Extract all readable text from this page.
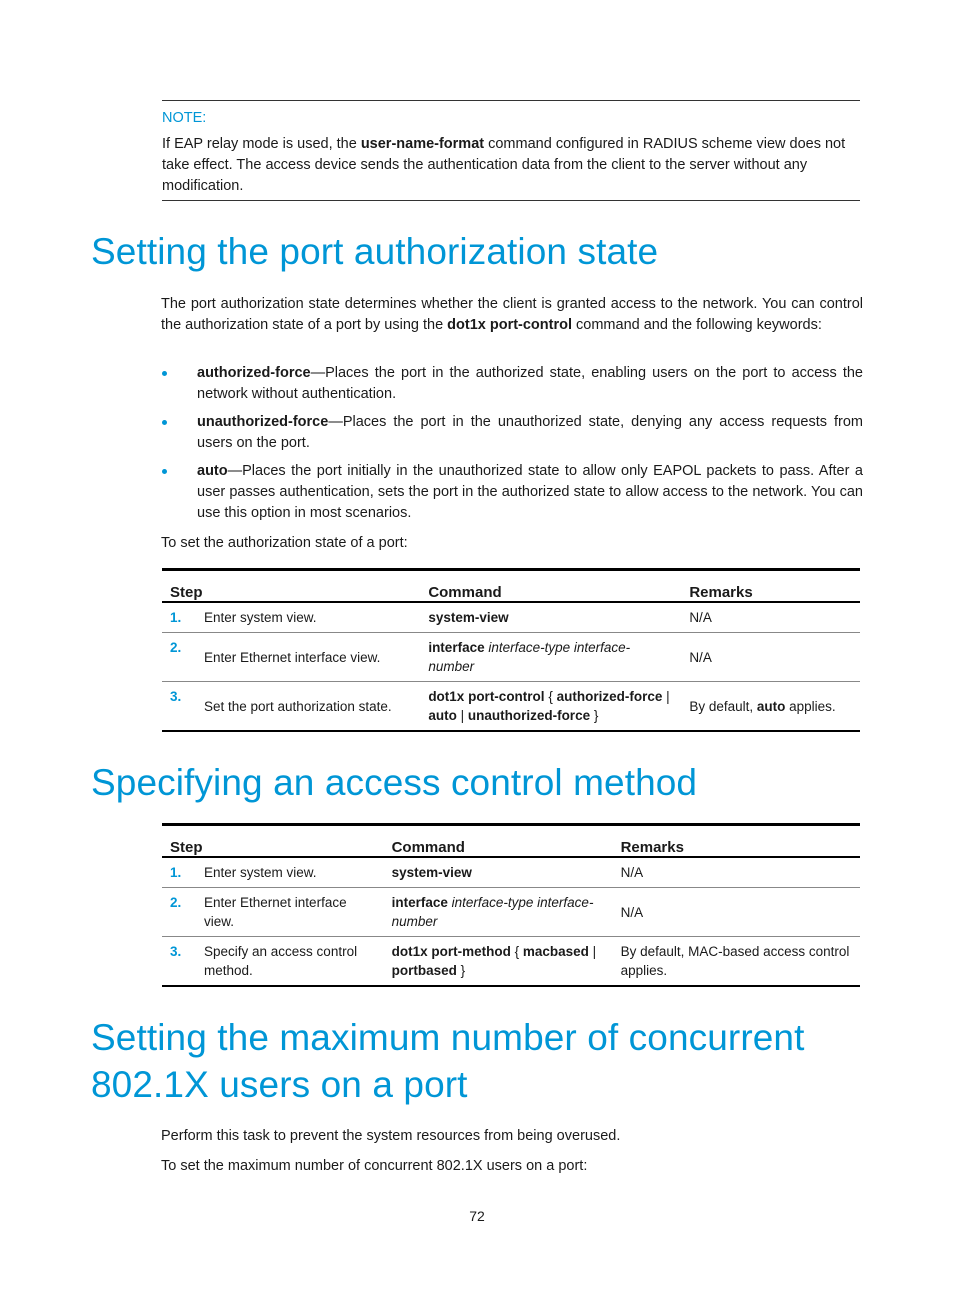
NOTE:
If EAP relay mode is used, the user-name-format command configured in RADIUS scheme view does not take effect. The access device sends the authentication data from the client to the server without any modification.
Setting the port authorization state
The port authorization state determines whether the client is granted access to the network. You can control the authorization state of a port by using the dot1x port-control command and the following keywords:
authorized-force—Places the port in the authorized state, enabling users on the port to access the network without authentication.
unauthorized-force—Places the port in the unauthorized state, denying any access requests from users on the port.
auto—Places the port initially in the unauthorized state to allow only EAPOL packets to pass. After a user passes authentication, sets the port in the authorized state to allow access to the network. You can use this option in most scenarios.
To set the authorization state of a port:
Step		Command	Remarks
1.	Enter system view.	system-view	N/A
2.	Enter Ethernet interface view.	interface interface-type interface-number	N/A
3.	Set the port authorization state.	dot1x port-control { authorized-force | auto | unauthorized-force }	By default, auto applies.
Specifying an access control method
Step		Command	Remarks
1.	Enter system view.	system-view	N/A
2.	Enter Ethernet interface view.	interface interface-type interface-number	N/A
3.	Specify an access control method.	dot1x port-method { macbased | portbased }	By default, MAC-based access control applies.
Setting the maximum number of concurrent 802.1X users on a port
Perform this task to prevent the system resources from being overused.
To set the maximum number of concurrent 802.1X users on a port:
72
